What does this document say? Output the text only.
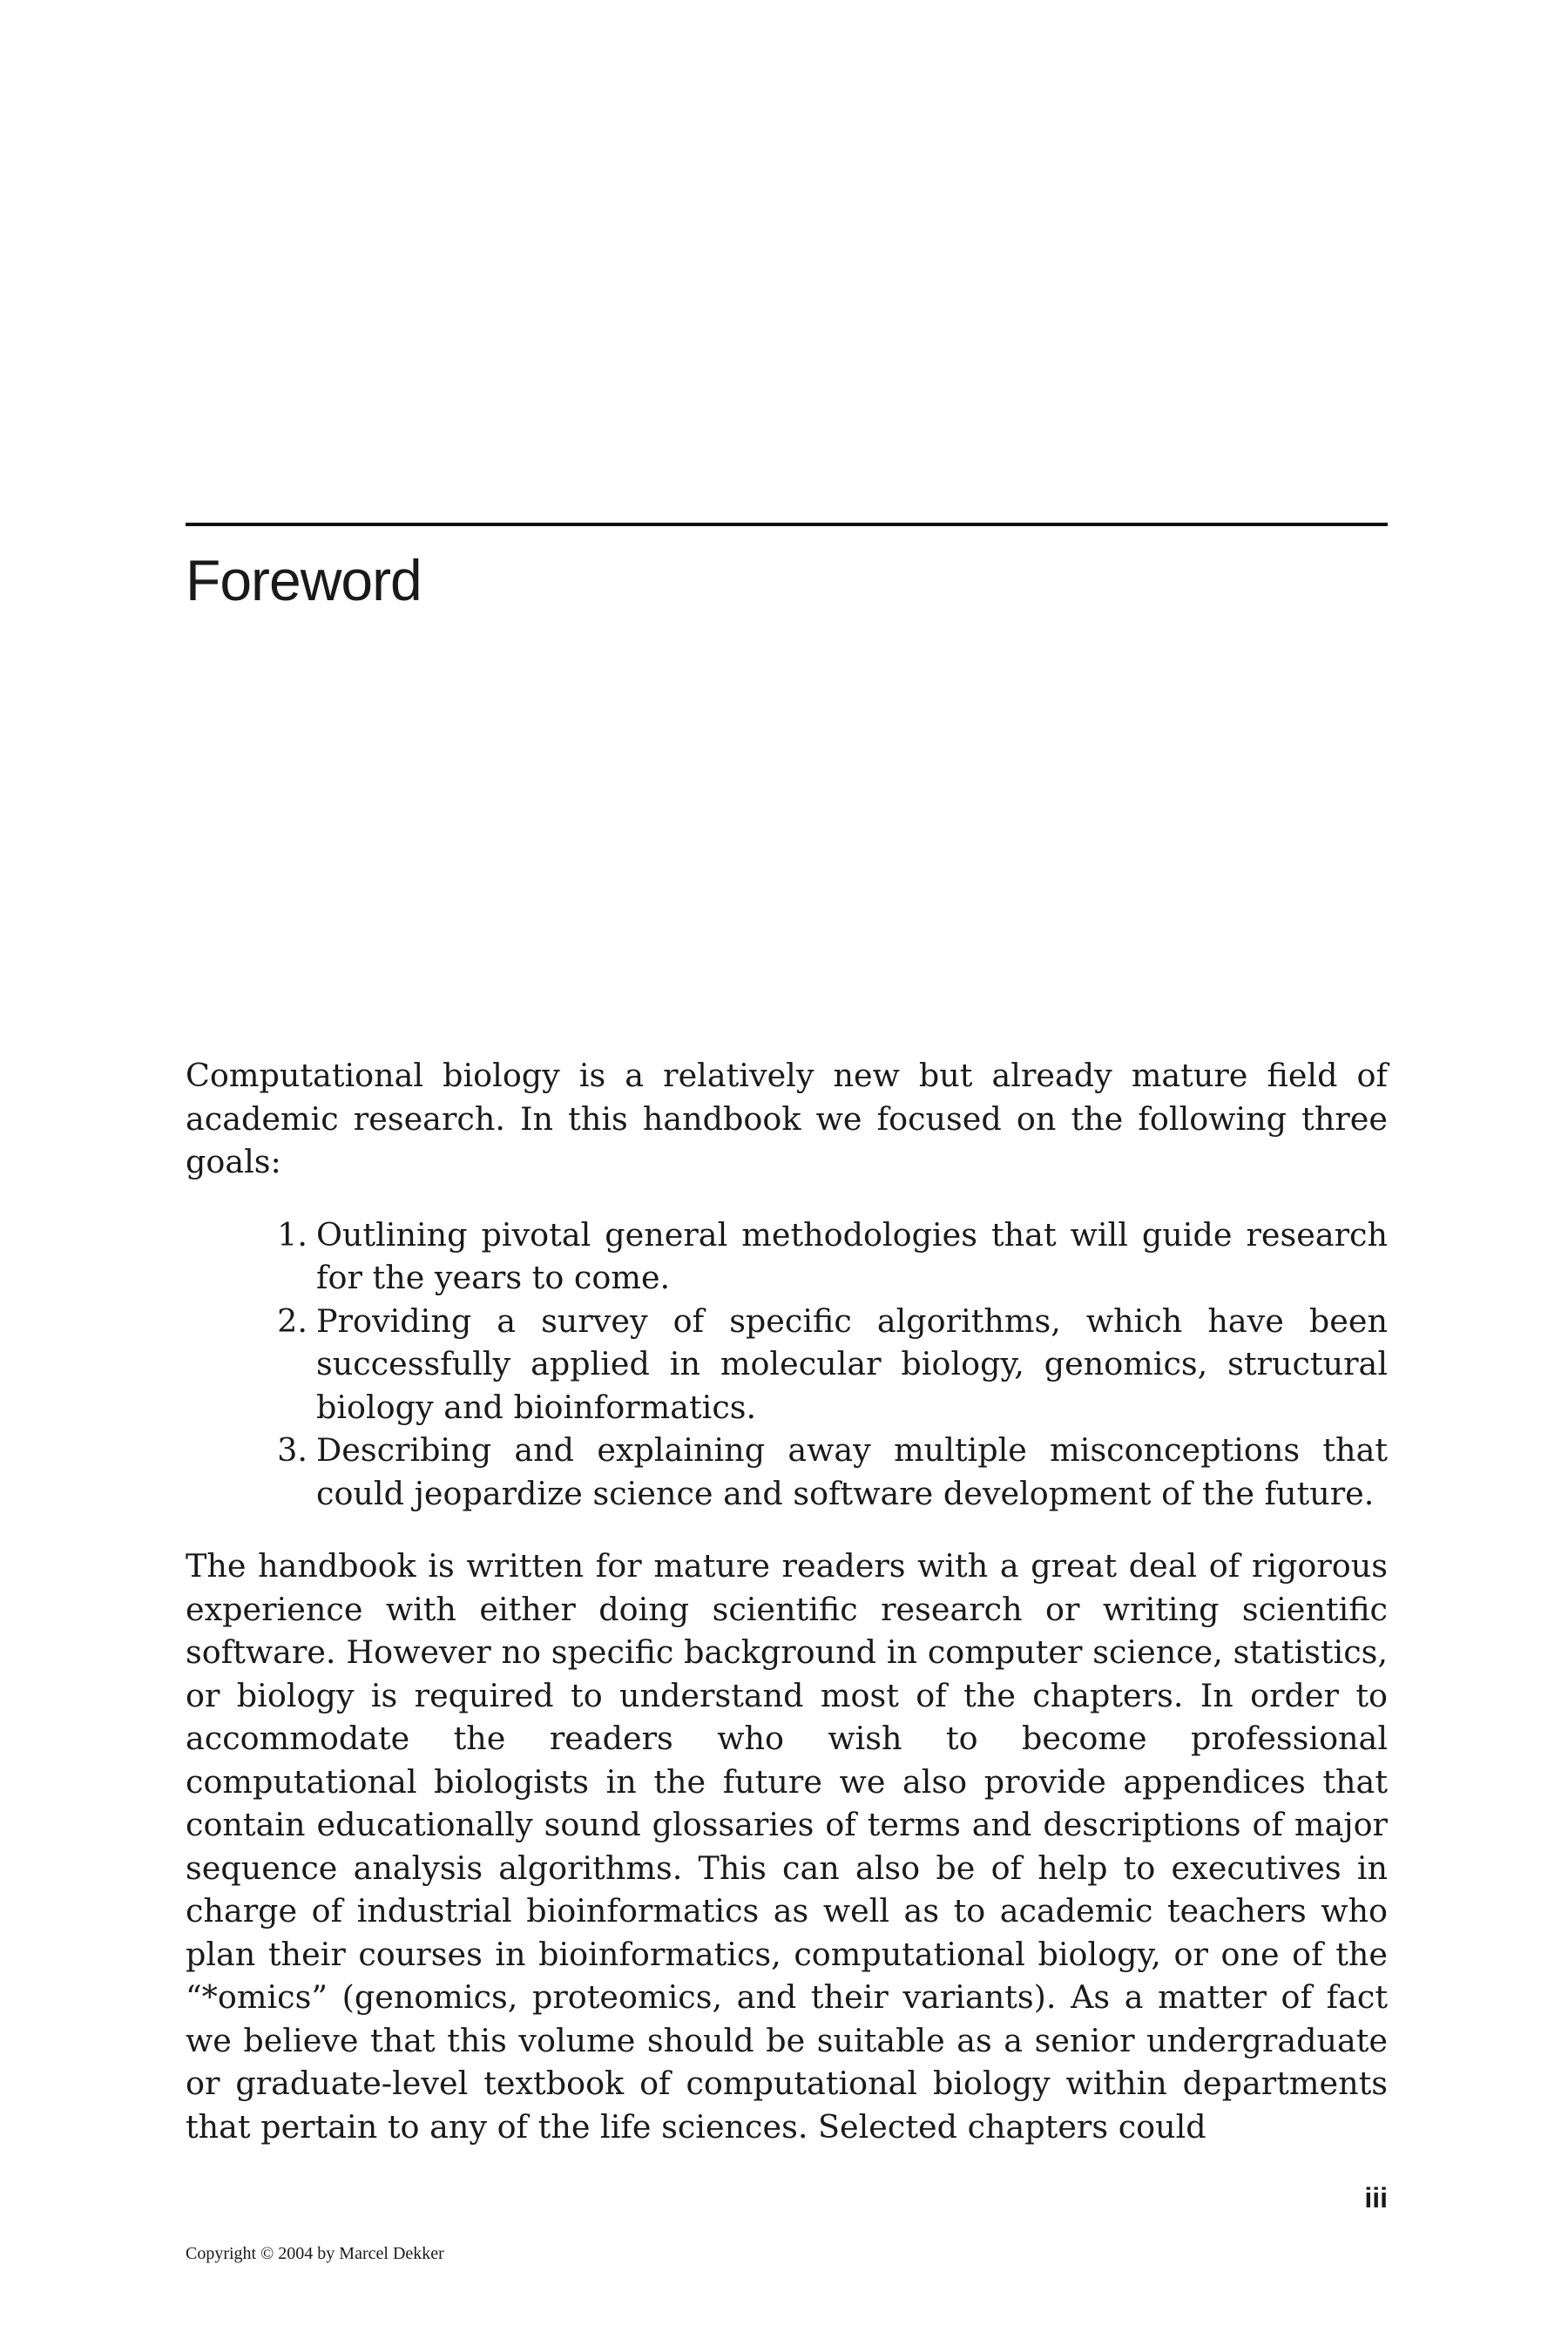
Foreword

Computational biology is a relatively new but already mature field of academic research. In this handbook we focused on the following three goals:

1. Outlining pivotal general methodologies that will guide research for the years to come.
2. Providing a survey of specific algorithms, which have been successfully applied in molecular biology, genomics, structural biology and bioinformatics.
3. Describing and explaining away multiple misconceptions that could jeopardize science and software development of the future.

The handbook is written for mature readers with a great deal of rigorous experience with either doing scientific research or writing scientific software. However no specific background in computer science, statistics, or biology is required to understand most of the chapters. In order to accommodate the readers who wish to become professional computational biologists in the future we also provide appendices that contain educationally sound glossaries of terms and descriptions of major sequence analysis algorithms. This can also be of help to executives in charge of industrial bioinformatics as well as to academic teachers who plan their courses in bioinformatics, computational biology, or one of the “*omics” (genomics, proteomics, and their variants). As a matter of fact we believe that this volume should be suitable as a senior undergraduate or graduate-level textbook of computational biology within departments that pertain to any of the life sciences. Selected chapters could

iii
Copyright © 2004 by Marcel Dekker
